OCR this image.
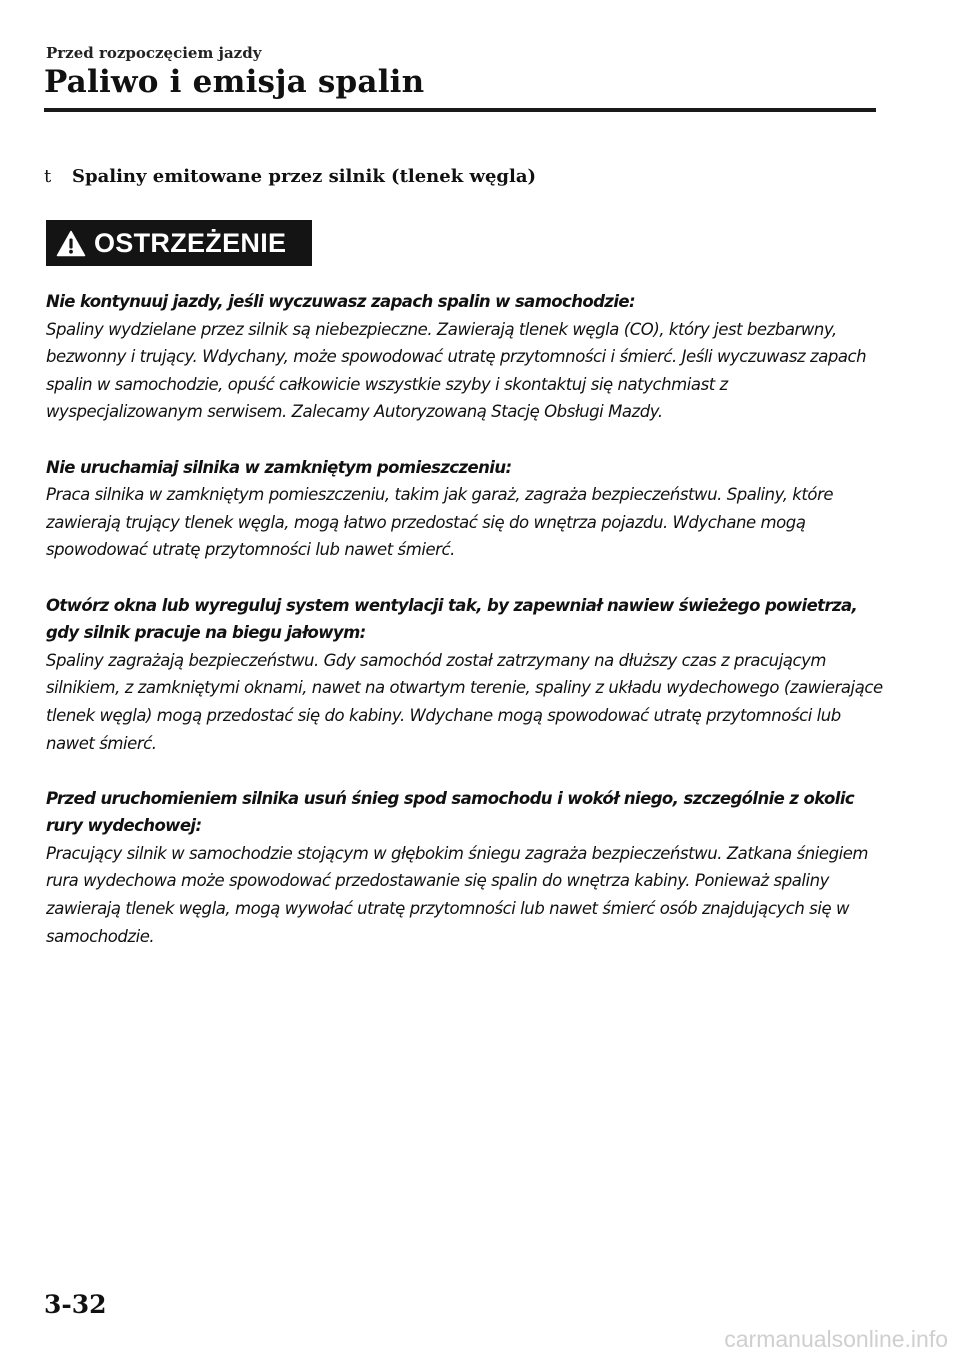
Przed rozpoczęciem jazdy
Paliwo i emisja spalin
t Spaliny emitowane przez silnik (tlenek węgla)
OSTRZEŻENIE
Nie kontynuuj jazdy, jeśli wyczuwasz zapach spalin w samochodzie:
Spaliny wydzielane przez silnik są niebezpieczne. Zawierają tlenek węgla (CO), który jest bezbarwny, bezwonny i trujący. Wdychany, może spowodować utratę przytomności i śmierć. Jeśli wyczuwasz zapach spalin w samochodzie, opuść całkowicie wszystkie szyby i skontaktuj się natychmiast z wyspecjalizowanym serwisem. Zalecamy Autoryzowaną Stację Obsługi Mazdy.
Nie uruchamiaj silnika w zamkniętym pomieszczeniu:
Praca silnika w zamkniętym pomieszczeniu, takim jak garaż, zagraża bezpieczeństwu. Spaliny, które zawierają trujący tlenek węgla, mogą łatwo przedostać się do wnętrza pojazdu. Wdychane mogą spowodować utratę przytomności lub nawet śmierć.
Otwórz okna lub wyreguluj system wentylacji tak, by zapewniał nawiew świeżego powietrza, gdy silnik pracuje na biegu jałowym:
Spaliny zagrażają bezpieczeństwu. Gdy samochód został zatrzymany na dłuższy czas z pracującym silnikiem, z zamkniętymi oknami, nawet na otwartym terenie, spaliny z układu wydechowego (zawierające tlenek węgla) mogą przedostać się do kabiny. Wdychane mogą spowodować utratę przytomności lub nawet śmierć.
Przed uruchomieniem silnika usuń śnieg spod samochodu i wokół niego, szczególnie z okolic rury wydechowej:
Pracujący silnik w samochodzie stojącym w głębokim śniegu zagraża bezpieczeństwu. Zatkana śniegiem rura wydechowa może spowodować przedostawanie się spalin do wnętrza kabiny. Ponieważ spaliny zawierają tlenek węgla, mogą wywołać utratę przytomności lub nawet śmierć osób znajdujących się w samochodzie.
3-32
carmanualsonline.info
